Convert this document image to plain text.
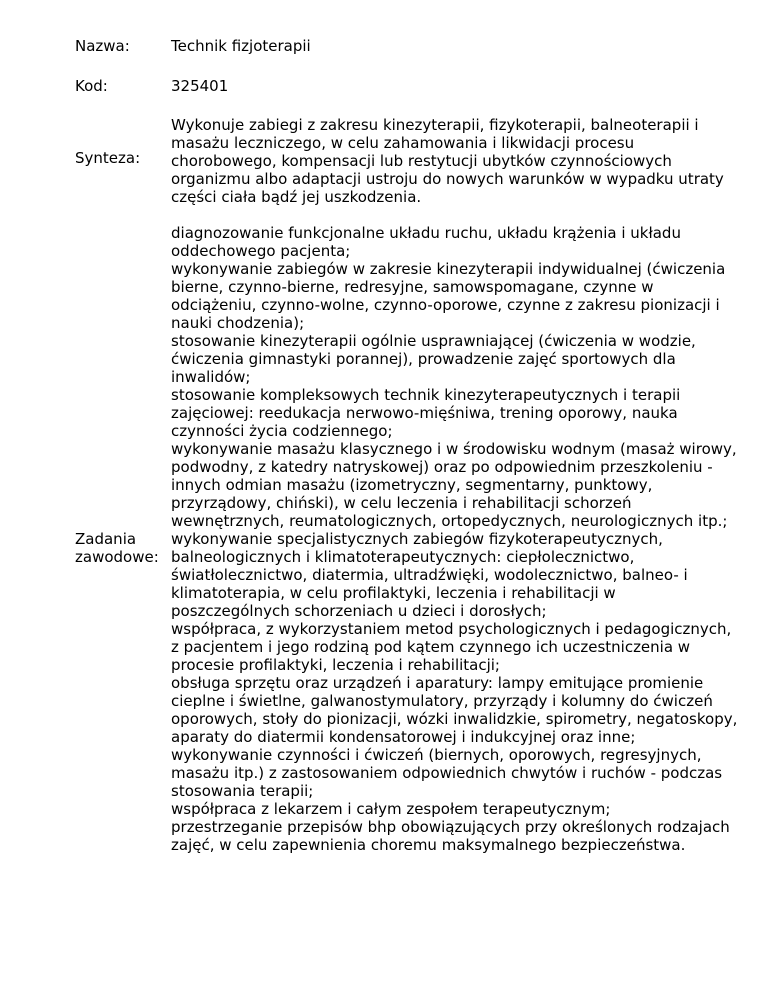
Nazwa:	Technik fizjoterapii
Kod:	325401
Synteza:
Wykonuje zabiegi z zakresu kinezyterapii, fizykoterapii, balneoterapii i masażu leczniczego, w celu zahamowania i likwidacji procesu chorobowego, kompensacji lub restytucji ubytków czynnościowych organizmu albo adaptacji ustroju do nowych warunków w wypadku utraty części ciała bądź jej uszkodzenia.
Zadania
zawodowe:
diagnozowanie funkcjonalne układu ruchu, układu krążenia i układu oddechowego pacjenta;
wykonywanie zabiegów w zakresie kinezyterapii indywidualnej (ćwiczenia bierne, czynno-bierne, redresyjne, samowspomagane, czynne w odciążeniu, czynno-wolne, czynno-oporowe, czynne z zakresu pionizacji i nauki chodzenia);
stosowanie kinezyterapii ogólnie usprawniającej (ćwiczenia w wodzie, ćwiczenia gimnastyki porannej), prowadzenie zajęć sportowych dla inwalidów;
stosowanie kompleksowych technik kinezyterapeutycznych i terapii zajęciowej: reedukacja nerwowo-mięśniwa, trening oporowy, nauka czynności życia codziennego;
wykonywanie masażu klasycznego i w środowisku wodnym (masaż wirowy, podwodny, z katedry natryskowej) oraz po odpowiednim przeszkoleniu - innych odmian masażu (izometryczny, segmentarny, punktowy, przyrządowy, chiński), w celu leczenia i rehabilitacji schorzeń wewnętrznych, reumatologicznych, ortopedycznych, neurologicznych itp.;
wykonywanie specjalistycznych zabiegów fizykoterapeutycznych, balneologicznych i klimatoterapeutycznych: ciepłolecznictwo, światłolecznictwo, diatermia, ultradźwięki, wodolecznictwo, balneo- i klimatoterapia, w celu profilaktyki, leczenia i rehabilitacji w poszczególnych schorzeniach u dzieci i dorosłych;
współpraca, z wykorzystaniem metod psychologicznych i pedagogicznych, z pacjentem i jego rodziną pod kątem czynnego ich uczestniczenia w procesie profilaktyki, leczenia i rehabilitacji;
obsługa sprzętu oraz urządzeń i aparatury: lampy emitujące promienie cieplne i świetlne, galwanostymulatory, przyrządy i kolumny do ćwiczeń oporowych, stoły do pionizacji, wózki inwalidzkie, spirometry, negatoskopy, aparaty do diatermii kondensatorowej i indukcyjnej oraz inne;
wykonywanie czynności i ćwiczeń (biernych, oporowych, regresyjnych, masażu itp.) z zastosowaniem odpowiednich chwytów i ruchów - podczas stosowania terapii;
współpraca z lekarzem i całym zespołem terapeutycznym;
przestrzeganie przepisów bhp obowiązujących przy określonych rodzajach zajęć, w celu zapewnienia choremu maksymalnego bezpieczeństwa.
